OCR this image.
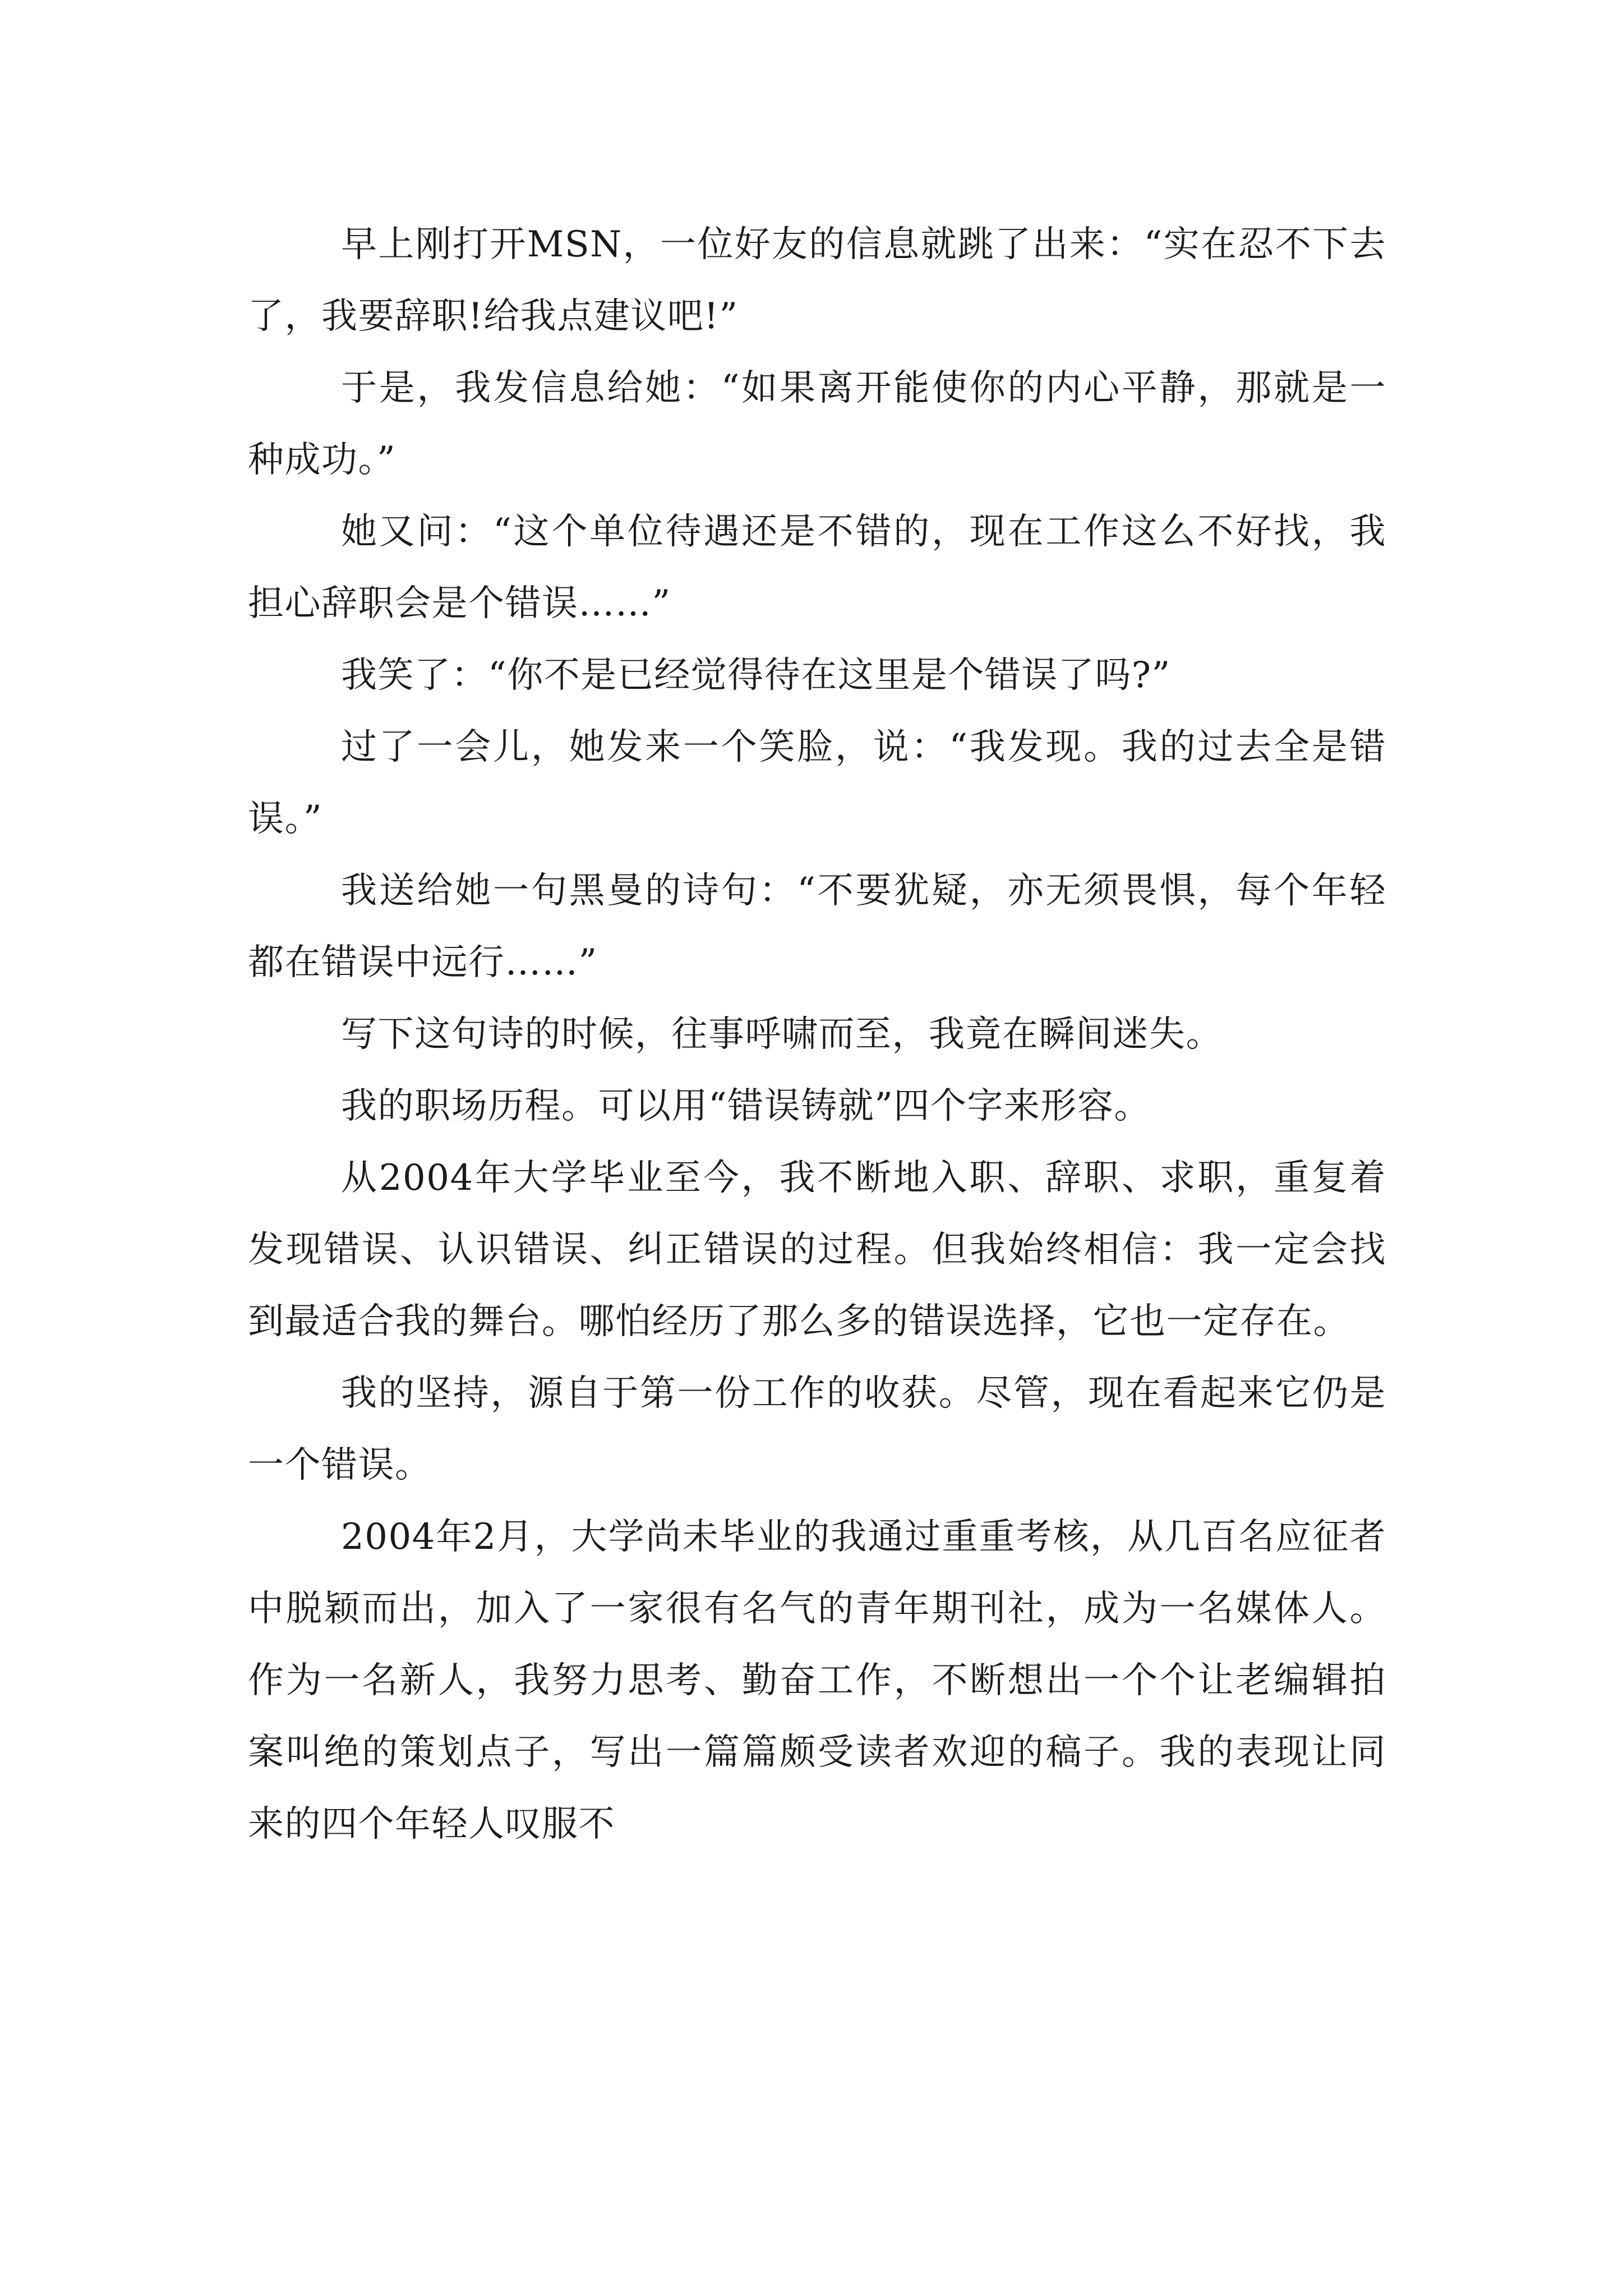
早上刚打开MSN，一位好友的信息就跳了出来：“实在忍不下去了，我要辞职!给我点建议吧!”

于是，我发信息给她：“如果离开能使你的内心平静，那就是一种成功。”

她又问：“这个单位待遇还是不错的，现在工作这么不好找，我担心辞职会是个错误……”

我笑了：“你不是已经觉得待在这里是个错误了吗?”

过了一会儿，她发来一个笑脸，说：“我发现。我的过去全是错误。”

我送给她一句黑曼的诗句：“不要犹疑，亦无须畏惧，每个年轻都在错误中远行……”

写下这句诗的时候，往事呼啸而至，我竟在瞬间迷失。

我的职场历程。可以用“错误铸就”四个字来形容。

从2004年大学毕业至今，我不断地入职、辞职、求职，重复着发现错误、认识错误、纠正错误的过程。但我始终相信：我一定会找到最适合我的舞台。哪怕经历了那么多的错误选择，它也一定存在。

我的坚持，源自于第一份工作的收获。尽管，现在看起来它仍是一个错误。

2004年2月，大学尚未毕业的我通过重重考核，从几百名应征者中脱颖而出，加入了一家很有名气的青年期刊社，成为一名媒体人。作为一名新人，我努力思考、勤奋工作，不断想出一个个让老编辑拍案叫绝的策划点子，写出一篇篇颇受读者欢迎的稿子。我的表现让同来的四个年轻人叹服不
